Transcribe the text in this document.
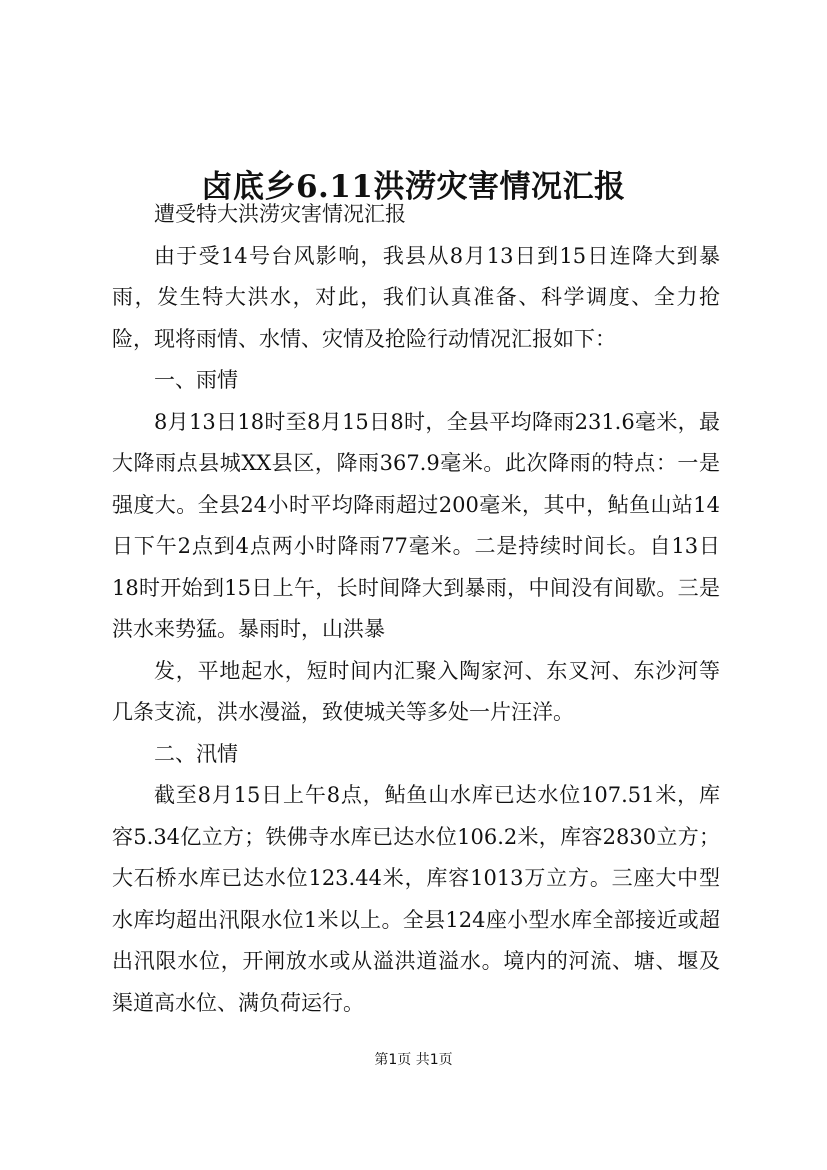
卤底乡6.11洪涝灾害情况汇报

遭受特大洪涝灾害情况汇报

由于受14号台风影响，我县从8月13日到15日连降大到暴雨，发生特大洪水，对此，我们认真准备、科学调度、全力抢险，现将雨情、水情、灾情及抢险行动情况汇报如下：

一、雨情

8月13日18时至8月15日8时，全县平均降雨231.6毫米，最大降雨点县城XX县区，降雨367.9毫米。此次降雨的特点：一是强度大。全县24小时平均降雨超过200毫米，其中，鲇鱼山站14日下午2点到4点两小时降雨77毫米。二是持续时间长。自13日18时开始到15日上午，长时间降大到暴雨，中间没有间歇。三是洪水来势猛。暴雨时，山洪暴

发，平地起水，短时间内汇聚入陶家河、东叉河、东沙河等几条支流，洪水漫溢，致使城关等多处一片汪洋。

二、汛情

截至8月15日上午8点，鲇鱼山水库已达水位107.51米，库容5.34亿立方；铁佛寺水库已达水位106.2米，库容2830立方；大石桥水库已达水位123.44米，库容1013万立方。三座大中型水库均超出汛限水位1米以上。全县124座小型水库全部接近或超出汛限水位，开闸放水或从溢洪道溢水。境内的河流、塘、堰及渠道高水位、满负荷运行。

第1页 共1页
